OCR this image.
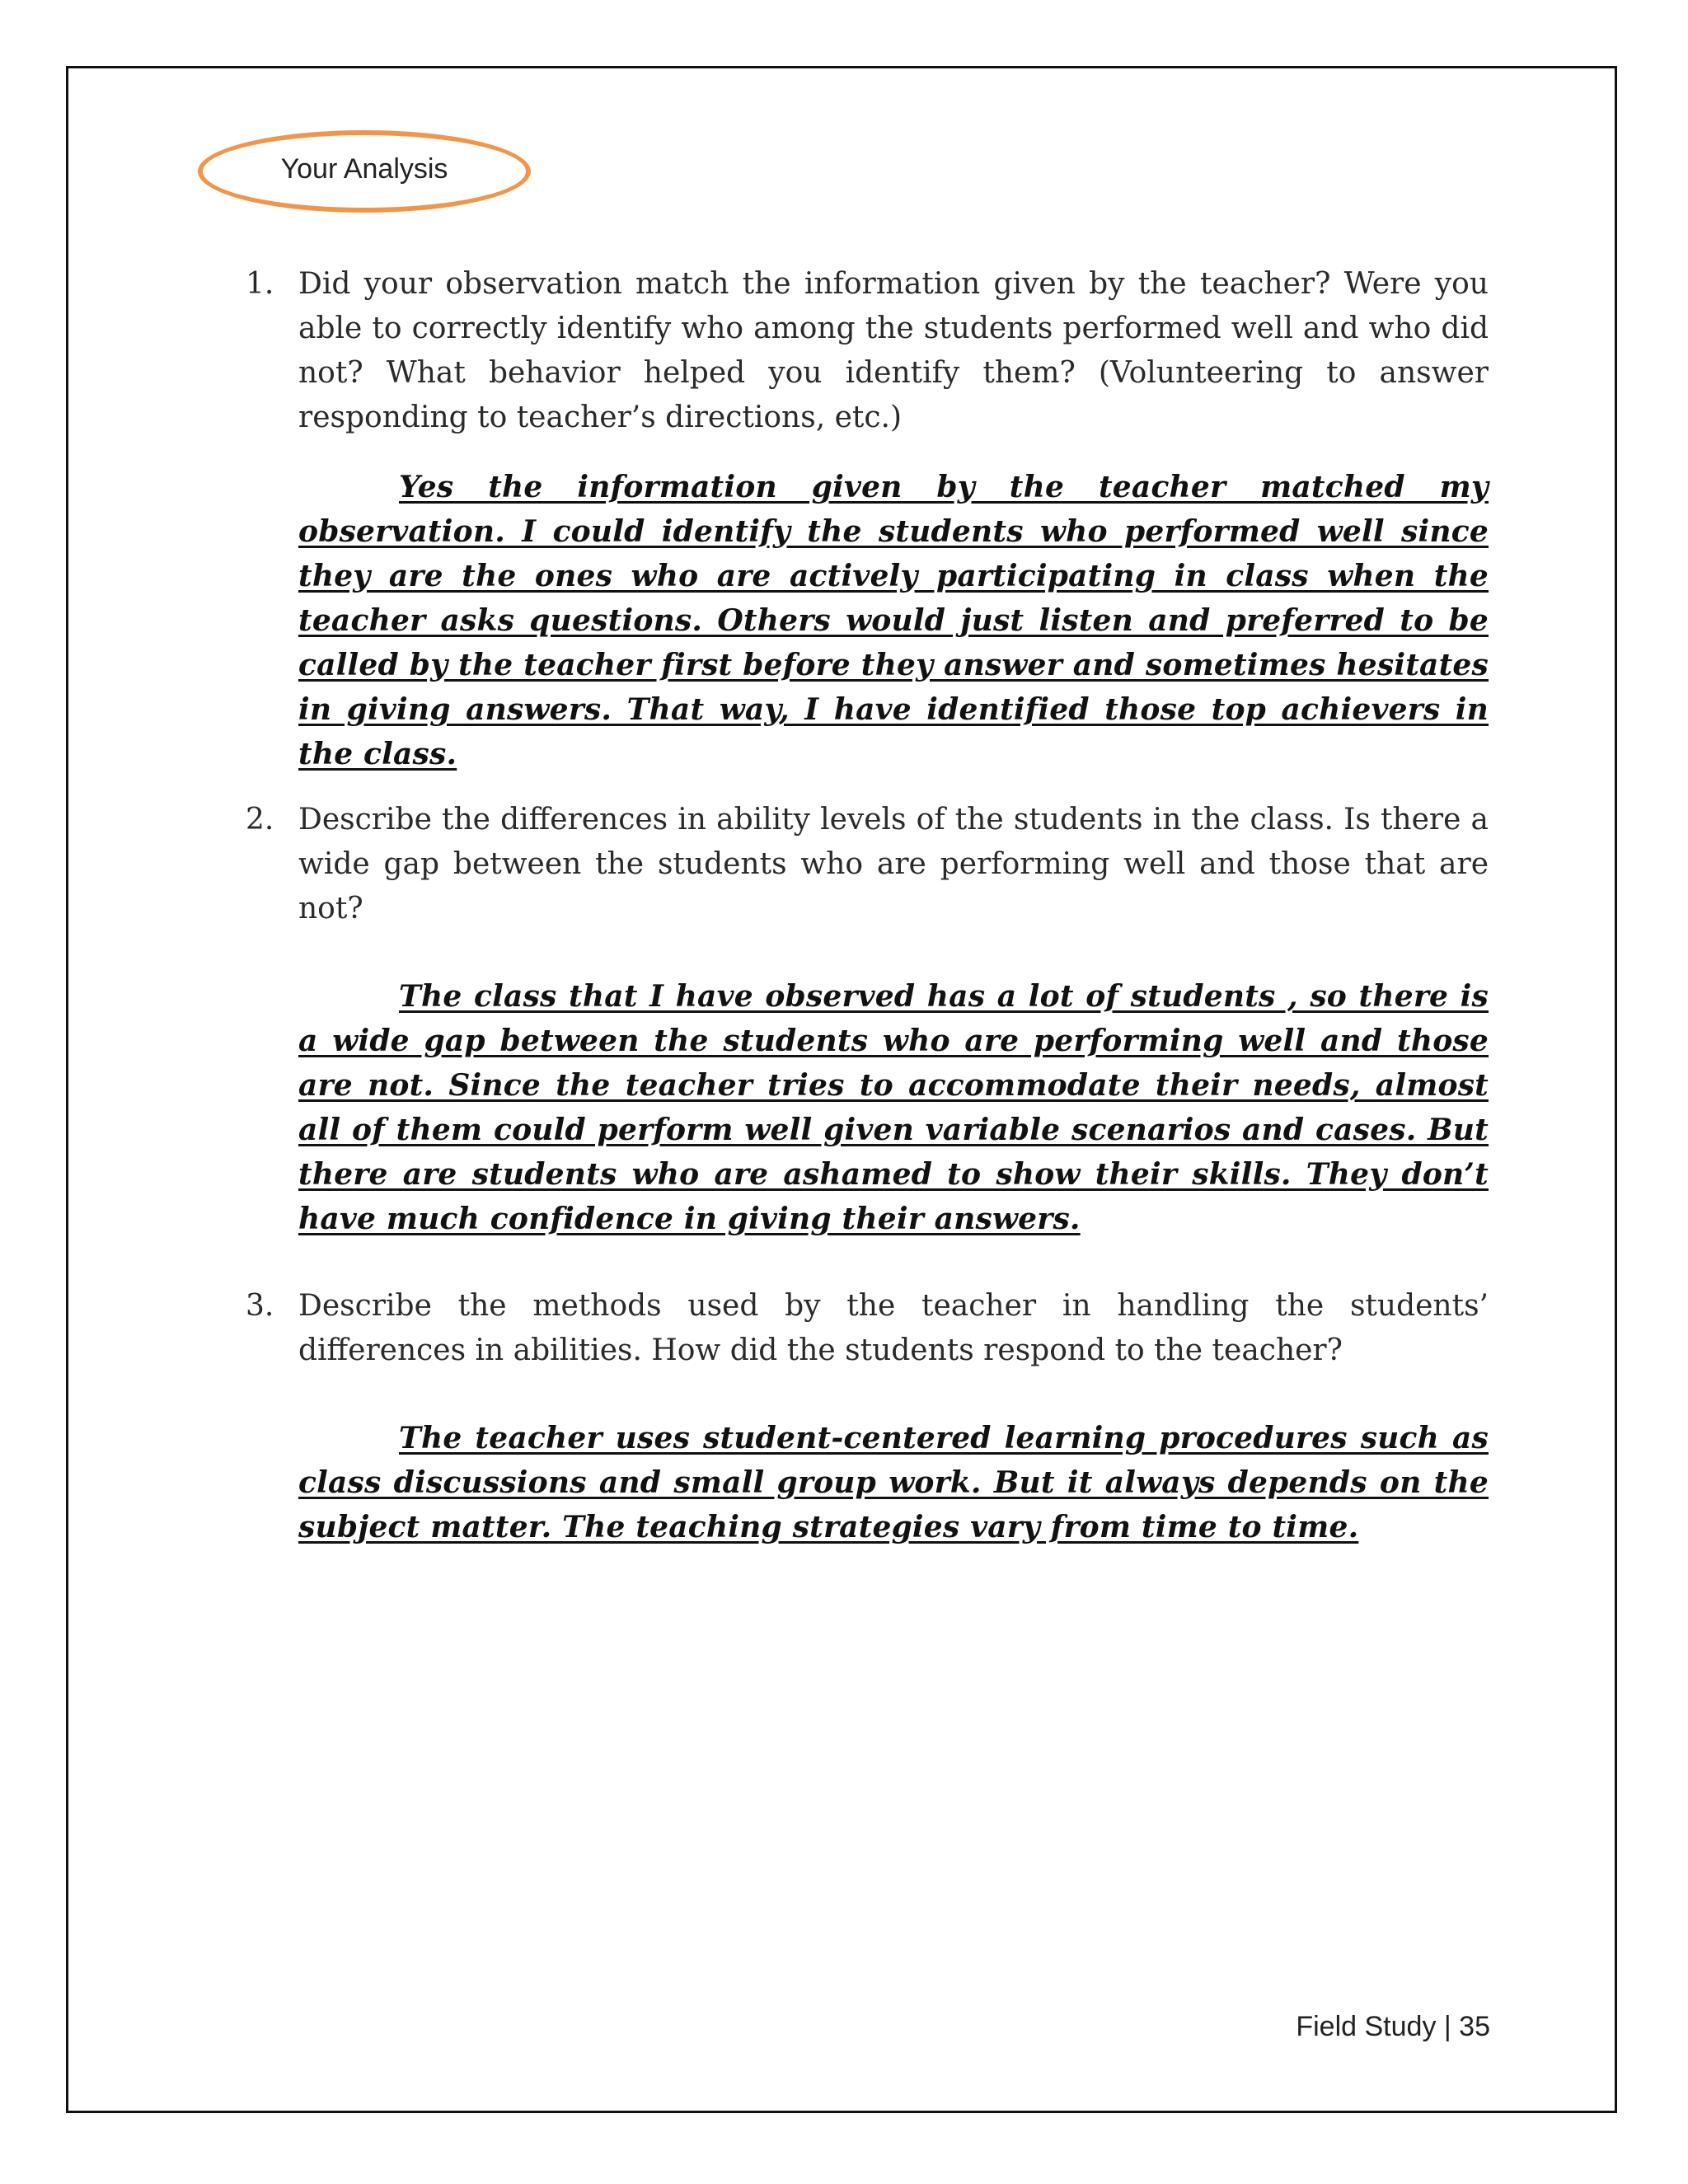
Your Analysis
1. Did your observation match the information given by the teacher? Were you able to correctly identify who among the students performed well and who did not? What behavior helped you identify them? (Volunteering to answer responding to teacher’s directions, etc.)
Yes the information given by the teacher matched my observation. I could identify the students who performed well since they are the ones who are actively participating in class when the teacher asks questions. Others would just listen and preferred to be called by the teacher first before they answer and sometimes hesitates in giving answers. That way, I have identified those top achievers in the class.
2. Describe the differences in ability levels of the students in the class. Is there a wide gap between the students who are performing well and those that are not?
The class that I have observed has a lot of students , so there is a wide gap between the students who are performing well and those are not. Since the teacher tries to accommodate their needs, almost all of them could perform well given variable scenarios and cases. But there are students who are ashamed to show their skills. They don’t have much confidence in giving their answers.
3. Describe the methods used by the teacher in handling the students’ differences in abilities. How did the students respond to the teacher?
The teacher uses student-centered learning procedures such as class discussions and small group work. But it always depends on the subject matter. The teaching strategies vary from time to time.
Field Study | 35
